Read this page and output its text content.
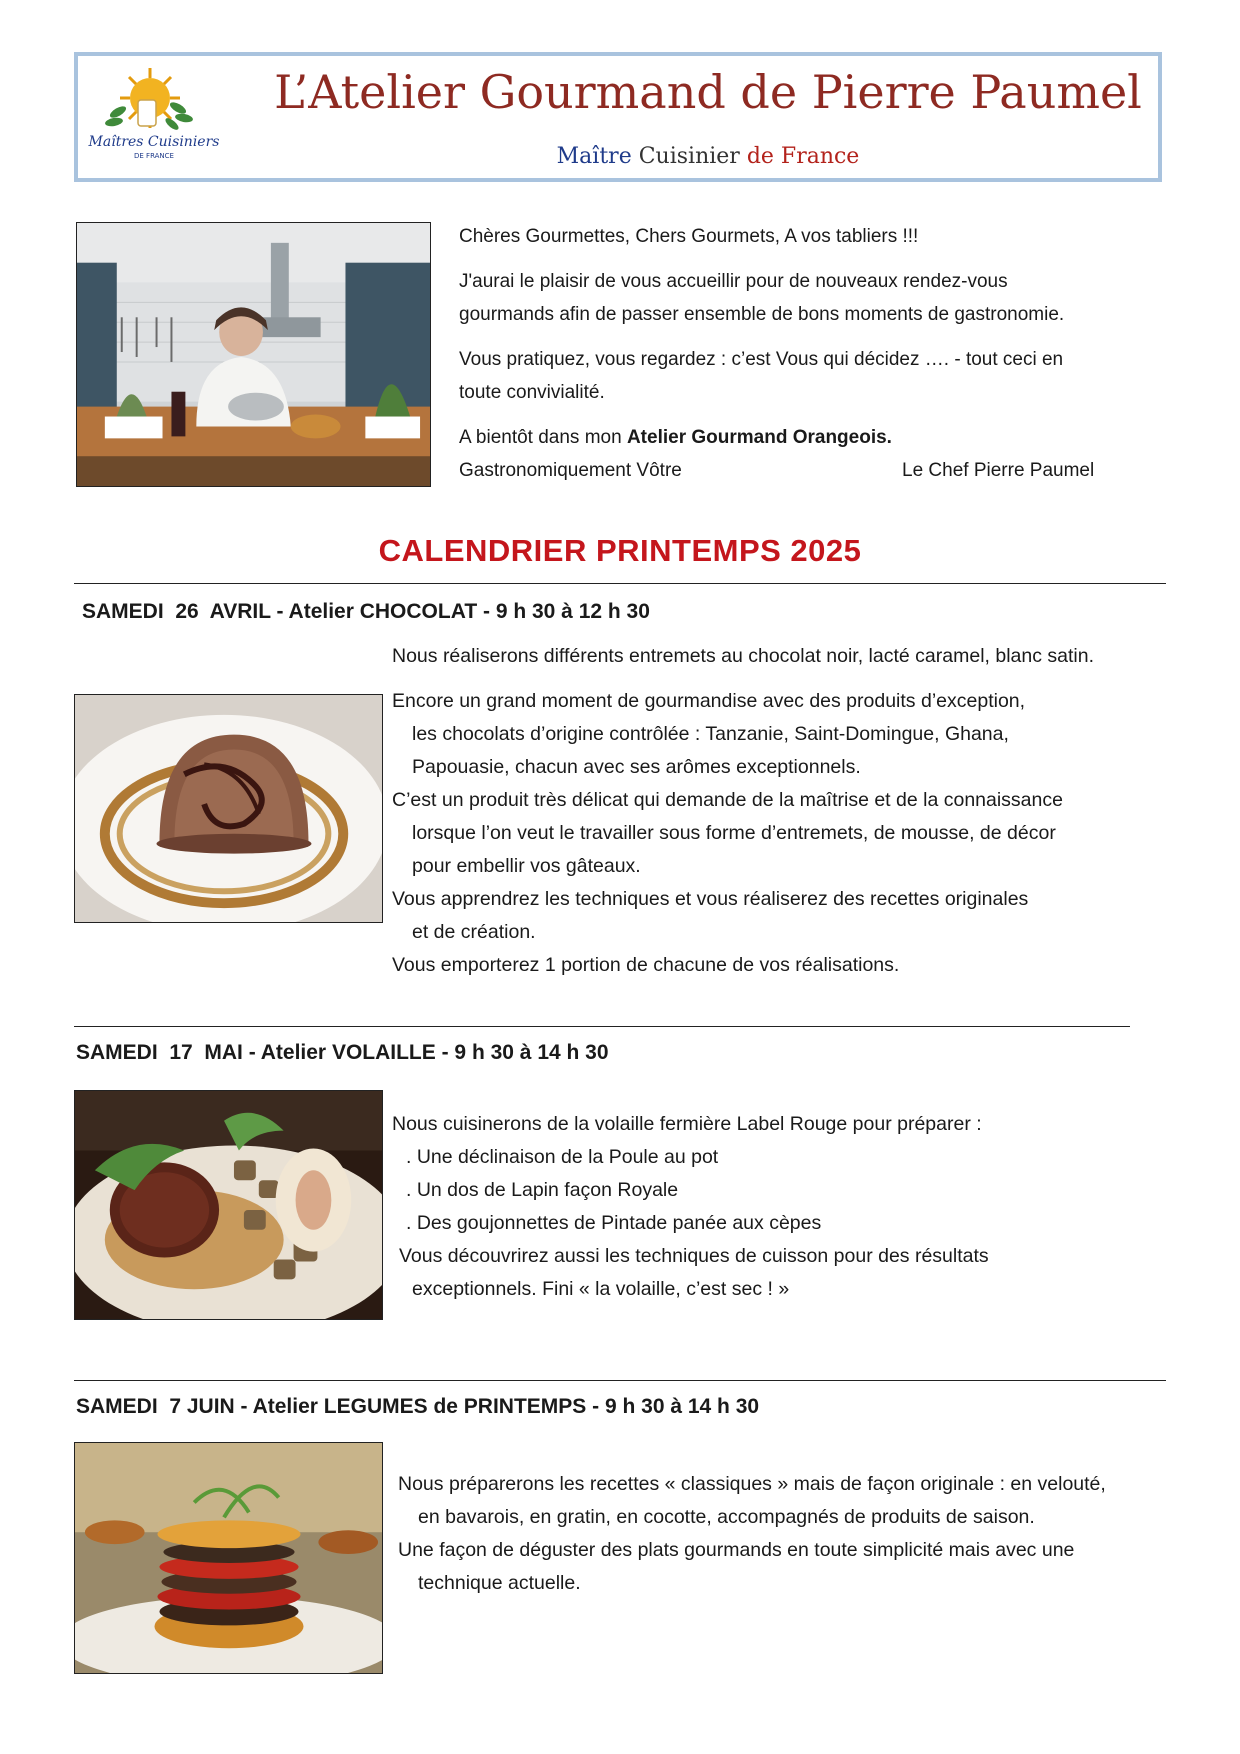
Maîtres Cuisiniers
DE FRANCE
L’Atelier Gourmand de Pierre Paumel
Maître Cuisinier de France
Chères Gourmettes, Chers Gourmets, A vos tabliers !!!
J'aurai le plaisir de vous accueillir pour de nouveaux rendez-vous
gourmands afin de passer ensemble de bons moments de gastronomie.
Vous pratiquez, vous regardez : c’est Vous qui décidez …. - tout ceci en
toute convivialité.
A bientôt dans mon Atelier Gourmand Orangeois.
Gastronomiquement Vôtre	Le Chef Pierre Paumel
CALENDRIER PRINTEMPS 2025
SAMEDI  26  AVRIL - Atelier CHOCOLAT - 9 h 30 à 12 h 30
Nous réaliserons différents entremets au chocolat noir, lacté caramel, blanc satin.
Encore un grand moment de gourmandise avec des produits d’exception,
les chocolats d’origine contrôlée : Tanzanie, Saint-Domingue, Ghana,
Papouasie, chacun avec ses arômes exceptionnels.
C’est un produit très délicat qui demande de la maîtrise et de la connaissance
lorsque l’on veut le travailler sous forme d’entremets, de mousse, de décor
pour embellir vos gâteaux.
Vous apprendrez les techniques et vous réaliserez des recettes originales
et de création.
Vous emporterez 1 portion de chacune de vos réalisations.
SAMEDI  17  MAI - Atelier VOLAILLE - 9 h 30 à 14 h 30
Nous cuisinerons de la volaille fermière Label Rouge pour préparer :
. Une déclinaison de la Poule au pot
. Un dos de Lapin façon Royale
. Des goujonnettes de Pintade panée aux cèpes
Vous découvrirez aussi les techniques de cuisson pour des résultats
exceptionnels. Fini « la volaille, c’est sec ! »
SAMEDI  7 JUIN - Atelier LEGUMES de PRINTEMPS - 9 h 30 à 14 h 30
Nous préparerons les recettes « classiques » mais de façon originale : en velouté,
en bavarois, en gratin, en cocotte, accompagnés de produits de saison.
Une façon de déguster des plats gourmands en toute simplicité mais avec une
technique actuelle.
